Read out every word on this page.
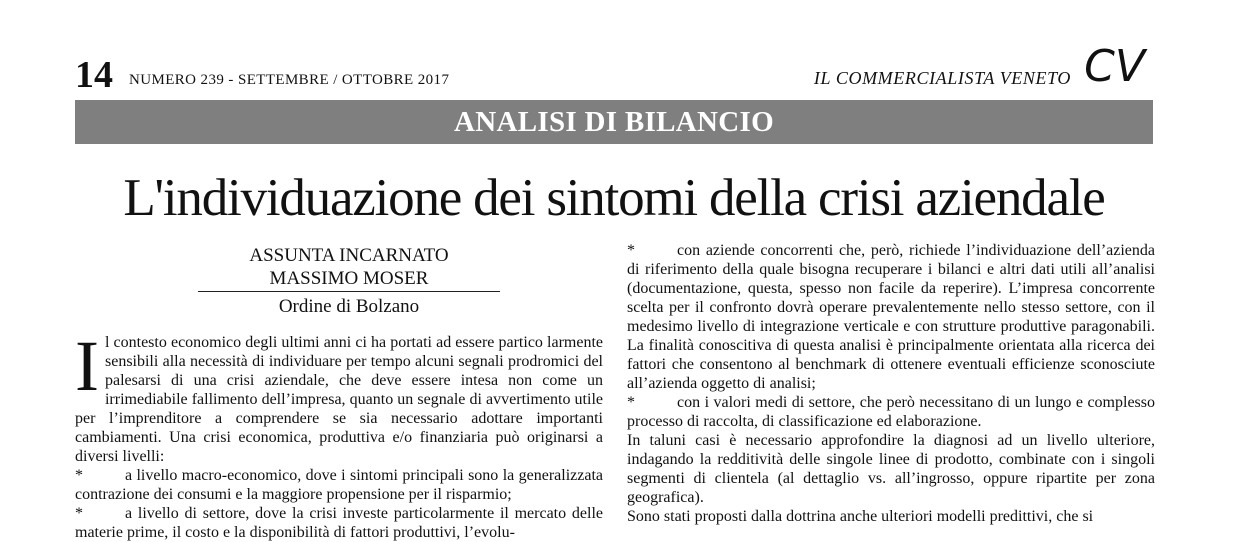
14 NUMERO 239 - SETTEMBRE / OTTOBRE 2017	IL COMMERCIALISTA VENETO CV
ANALISI DI BILANCIO
L'individuazione dei sintomi della crisi aziendale
ASSUNTA INCARNATO
MASSIMO MOSER
Ordine di Bolzano

Il contesto economico degli ultimi anni ci ha portati ad essere partico larmente sensibili alla necessità di individuare per tempo alcuni segnali prodromici del palesarsi di una crisi aziendale, che deve essere intesa non come un irrimediabile fallimento dell’impresa, quanto un segnale di avvertimento utile per l’imprenditore a comprendere se sia necessario adottare importanti cambiamenti. Una crisi economica, produttiva e/o finanziaria può originarsi a diversi livelli:

*	a livello macro-economico, dove i sintomi principali sono la generalizzata contrazione dei consumi e la maggiore propensione per il risparmio;

*	a livello di settore, dove la crisi investe particolarmente il mercato delle materie prime, il costo e la disponibilità di fattori produttivi, l’evolu-

*	con aziende concorrenti che, però, richiede l’individuazione dell’azienda di riferimento della quale bisogna recuperare i bilanci e altri dati utili all’analisi (documentazione, questa, spesso non facile da reperire). L’impresa concorrente scelta per il confronto dovrà operare prevalentemente nello stesso settore, con il medesimo livello di integrazione verticale e con strutture produttive paragonabili. La finalità conoscitiva di questa analisi è principalmente orientata alla ricerca dei fattori che consentono al benchmark di ottenere eventuali efficienze sconosciute all’azienda oggetto di analisi;

*	con i valori medi di settore, che però necessitano di un lungo e complesso processo di raccolta, di classificazione ed elaborazione.

In taluni casi è necessario approfondire la diagnosi ad un livello ulteriore, indagando la redditività delle singole linee di prodotto, combinate con i singoli segmenti di clientela (al dettaglio vs. all’ingrosso, oppure ripartite per zona geografica).

Sono stati proposti dalla dottrina anche ulteriori modelli predittivi, che si
